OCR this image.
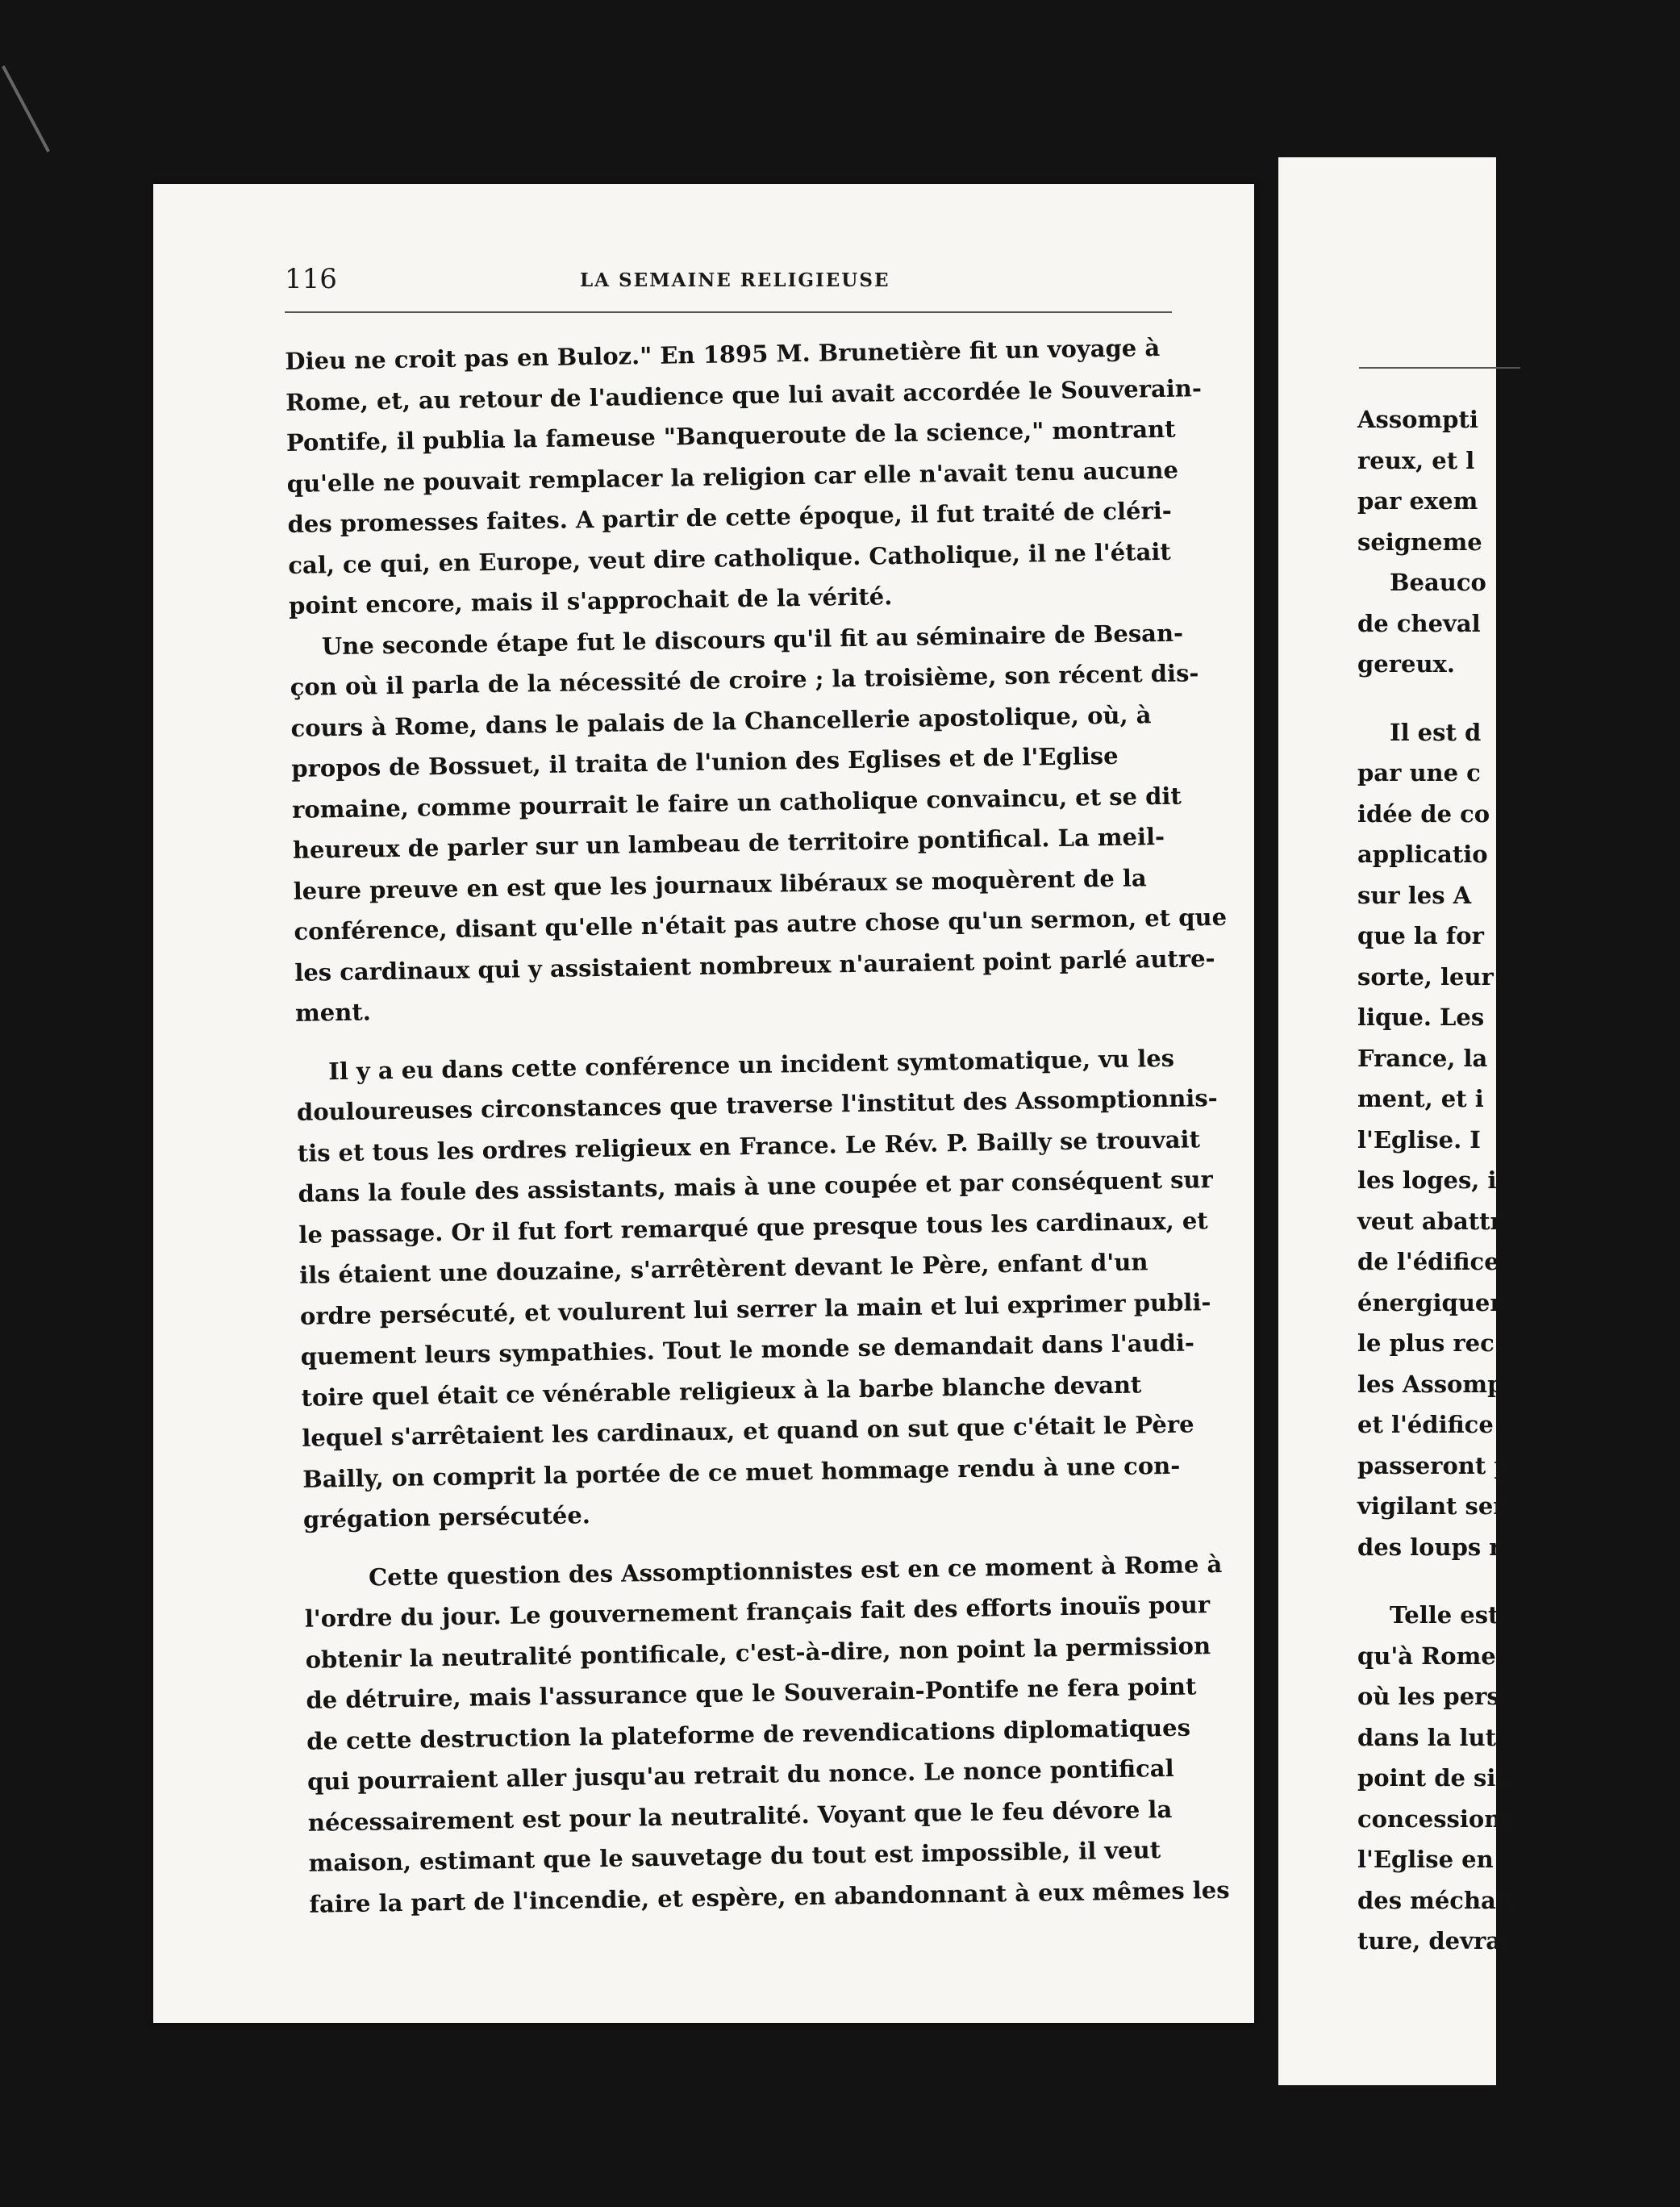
116	LA SEMAINE RELIGIEUSE
Dieu ne croit pas en Buloz." En 1895 M. Brunetière fit un voyage à
Rome, et, au retour de l'audience que lui avait accordée le Souverain-
Pontife, il publia la fameuse "Banqueroute de la science," montrant
qu'elle ne pouvait remplacer la religion car elle n'avait tenu aucune
des promesses faites. A partir de cette époque, il fut traité de cléri-
cal, ce qui, en Europe, veut dire catholique. Catholique, il ne l'était
point encore, mais il s'approchait de la vérité.
Une seconde étape fut le discours qu'il fit au séminaire de Besan-
çon où il parla de la nécessité de croire ; la troisième, son récent dis-
cours à Rome, dans le palais de la Chancellerie apostolique, où, à
propos de Bossuet, il traita de l'union des Eglises et de l'Eglise
romaine, comme pourrait le faire un catholique convaincu, et se dit
heureux de parler sur un lambeau de territoire pontifical. La meil-
leure preuve en est que les journaux libéraux se moquèrent de la
conférence, disant qu'elle n'était pas autre chose qu'un sermon, et que
les cardinaux qui y assistaient nombreux n'auraient point parlé autre-
ment.
Il y a eu dans cette conférence un incident symtomatique, vu les
douloureuses circonstances que traverse l'institut des Assomptionnis-
tis et tous les ordres religieux en France. Le Rév. P. Bailly se trouvait
dans la foule des assistants, mais à une coupée et par conséquent sur
le passage. Or il fut fort remarqué que presque tous les cardinaux, et
ils étaient une douzaine, s'arrêtèrent devant le Père, enfant d'un
ordre persécuté, et voulurent lui serrer la main et lui exprimer publi-
quement leurs sympathies. Tout le monde se demandait dans l'audi-
toire quel était ce vénérable religieux à la barbe blanche devant
lequel s'arrêtaient les cardinaux, et quand on sut que c'était le Père
Bailly, on comprit la portée de ce muet hommage rendu à une con-
grégation persécutée.
Cette question des Assomptionnistes est en ce moment à Rome à
l'ordre du jour. Le gouvernement français fait des efforts inouïs pour
obtenir la neutralité pontificale, c'est-à-dire, non point la permission
de détruire, mais l'assurance que le Souverain-Pontife ne fera point
de cette destruction la plateforme de revendications diplomatiques
qui pourraient aller jusqu'au retrait du nonce. Le nonce pontifical
nécessairement est pour la neutralité. Voyant que le feu dévore la
maison, estimant que le sauvetage du tout est impossible, il veut
faire la part de l'incendie, et espère, en abandonnant à eux mêmes les
Assompti
reux, et l
par exem
seigneme
Beauco
de cheval
gereux.
Il est d
par une c
idée de co
applicatio
sur les A
que la for
sorte, leur
lique. Les
France, la
ment, et i
l'Eglise. I
les loges, i
veut abattr
de l'édifice
énergiquer
le plus rec
les Assomp
et l'édifice
passeront p
vigilant ser
des loups r
Telle est
qu'à Rome
où les pers
dans la lut
point de sit
concessions
l'Eglise en
des méchan
ture, devrai
